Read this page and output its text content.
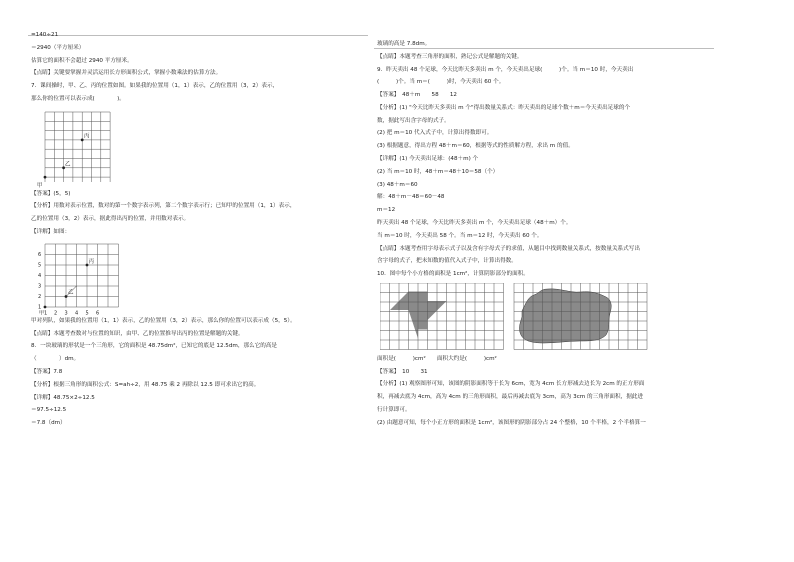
=140÷21
＝2940（平方厘米）
估算它的面积不会超过 2940 平方厘米。
【点睛】关键要掌握并灵活运用长方形面积公式，掌握小数乘法的估算方法。
7．课间操时，甲、乙、丙的位置如图。如果我的位置用（1，1）表示，乙的位置用（3，2）表示，
那么你的位置可以表示成(　　　　)。
丙
乙
甲
【答案】(5，5)
【分析】用数对表示位置，数对的第一个数字表示列，第二个数字表示行；已知甲的位置用（1，1）表示，
乙的位置用（3，2）表示，据此得出丙的位置，并用数对表示。
【详解】如图：
6
5
4
3
2
1
甲1 2 3 4 5 6
丙
乙
甲对列队，如果我的位置用（1，1）表示，乙的位置用（3，2）表示，那么你的位置可以表示成（5，5）。
【点睛】本题考查数对与位置的知识，由甲、乙的位置推导出丙的位置是解题的关键。
8．一块玻璃的形状是一个三角形，它的面积是 48.75dm²，已知它的底是 12.5dm，那么它的高是
（　　　　）dm。
【答案】7.8
【分析】根据三角形的面积公式：S=ah÷2，用 48.75 乘 2 再除以 12.5 即可求出它的高。
【详解】48.75×2÷12.5
＝97.5÷12.5
＝7.8（dm）
玻璃的高是 7.8dm。
【点睛】本题考查三角形的面积，熟记公式是解题的关键。
9．昨天卖出 48 个足球，今天比昨天多卖出 m 个，今天卖出足球(　　　)个。当 m＝10 时，今天卖出
(　　　)个。当 m＝(　　　)时，今天卖出 60 个。
【答案】　48＋m　　58　　12
【分析】(1) "今天比昨天多卖出 m 个"得出数量关系式：昨天卖出的足球个数＋m＝今天卖出足球的个
数，据此写出含字母的式子。
(2) 把 m＝10 代入式子中，计算出得数即可。
(3) 根据题意，得出方程 48＋m＝60，根据等式的性质解方程，求出 m 的值。
【详解】(1) 今天卖出足球：(48＋m) 个
(2) 当 m＝10 时，48＋m＝48＋10＝58（个）
(3) 48＋m＝60
解：48＋m－48＝60－48
m＝12
昨天卖出 48 个足球，今天比昨天多卖出 m 个，今天卖出足球（48＋m）个。
当 m＝10 时，今天卖出 58 个。当 m＝12 时，今天卖出 60 个。
【点睛】本题考查用字母表示式子以及含有字母式子的求值，从题目中找到数量关系式，按数量关系式写出
含字母的式子，把未知数的值代入式子中，计算出得数。
10．图中每个小方格的面积是 1cm²，计算阴影部分的面积。
面积是(　　　)cm²　　面积大约是(　　　)cm²
【答案】　10　　31
【分析】(1) 观察图形可知，该图的阴影面积等于长为 6cm，宽为 4cm 长方形减去边长为 2cm 的正方形面
积，再减去底为 4cm，高为 4cm 的三角形面积，最后再减去底为 3cm，高为 3cm 的三角形面积，据此进
行计算即可。
(2) 由题意可知，每个小正方形的面积是 1cm²，该图形的阴影部分占 24 个整格，10 个半格，2 个半格算一
